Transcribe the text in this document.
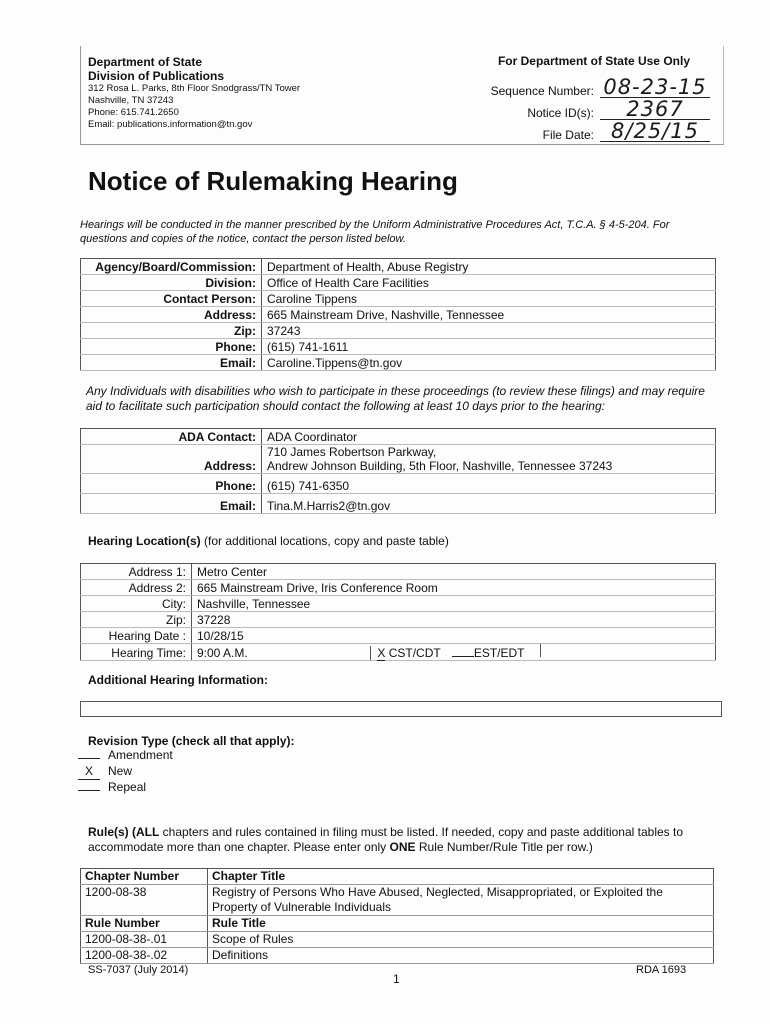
Department of State
Division of Publications
312 Rosa L. Parks, 8th Floor Snodgrass/TN Tower
Nashville, TN 37243
Phone: 615.741.2650
Email: publications.information@tn.gov
For Department of State Use Only
Sequence Number: 08-23-15
Notice ID(s):	2367
File Date: 8/25/15
Notice of Rulemaking Hearing
Hearings will be conducted in the manner prescribed by the Uniform Administrative Procedures Act, T.C.A. § 4-5-204. For questions and copies of the notice, contact the person listed below.
Agency/Board/Commission:	Department of Health, Abuse Registry
Division:	Office of Health Care Facilities
Contact Person:	Caroline Tippens
Address:	665 Mainstream Drive, Nashville, Tennessee
Zip:	37243
Phone:	(615) 741-1611
Email:	Caroline.Tippens@tn.gov
Any Individuals with disabilities who wish to participate in these proceedings (to review these filings) and may require aid to facilitate such participation should contact the following at least 10 days prior to the hearing:
ADA Contact:	ADA Coordinator
Address:	710 James Robertson Parkway,
Andrew Johnson Building, 5th Floor, Nashville, Tennessee 37243

Phone:	(615) 741-6350
Email:	Tina.M.Harris2@tn.gov
Hearing Location(s) (for additional locations, copy and paste table)
Address 1:	Metro Center
Address 2:	665 Mainstream Drive, Iris Conference Room
City:	Nashville, Tennessee
Zip:	37228
Hearing Date :	10/28/15
Hearing Time:	9:00 A.M. X CST/CDT EST/EDT
Additional Hearing Information:
Revision Type (check all that apply):
Amendment
X New
Repeal
Rule(s) (ALL chapters and rules contained in filing must be listed. If needed, copy and paste additional tables to accommodate more than one chapter. Please enter only ONE Rule Number/Rule Title per row.)
Chapter Number	Chapter Title
1200-08-38	Registry of Persons Who Have Abused, Neglected, Misappropriated, or Exploited the Property of Vulnerable Individuals
Rule Number	Rule Title
1200-08-38-.01	Scope of Rules
1200-08-38-.02	Definitions
SS-7037 (July 2014)	RDA 1693
1
